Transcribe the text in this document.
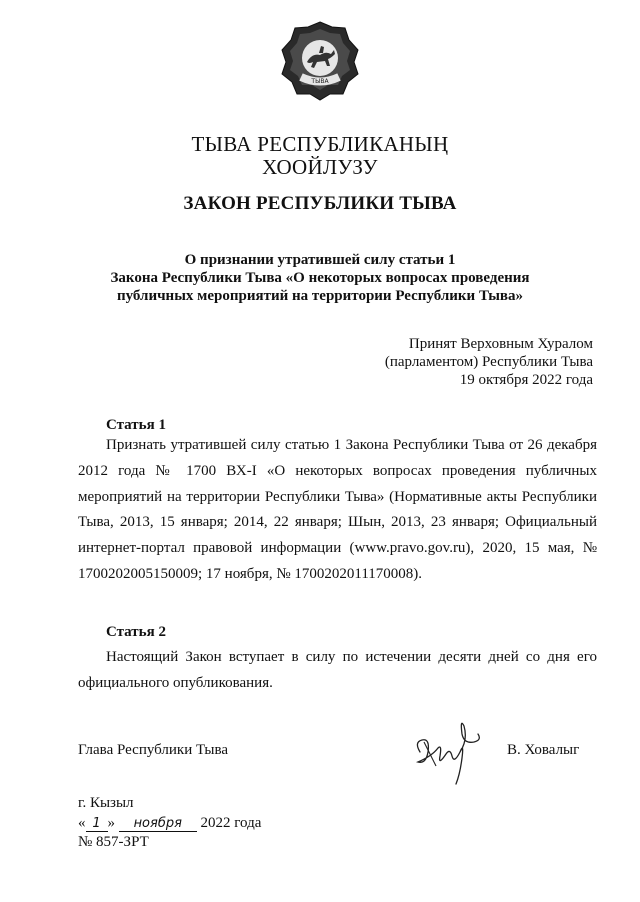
ТЫВА
ТЫВА РЕСПУБЛИКАНЫҢ
ХООЙЛУЗУ
ЗАКОН РЕСПУБЛИКИ ТЫВА
О признании утратившей силу статьи 1
Закона Республики Тыва «О некоторых вопросах проведения
публичных мероприятий на территории Республики Тыва»
Принят Верховным Хуралом
(парламентом) Республики Тыва
19 октября 2022 года
Статья 1
Признать утратившей силу статью 1 Закона Республики Тыва от 26 декабря 2012 года № 1700 ВХ-I «О некоторых вопросах проведения публичных мероприятий на территории Республики Тыва» (Нормативные акты Республики Тыва, 2013, 15 января; 2014, 22 января; Шын, 2013, 23 января; Официальный интернет-портал правовой информации (www.pravo.gov.ru), 2020, 15 мая, № 1700202005150009; 17 ноября, № 1700202011170008).
Статья 2
Настоящий Закон вступает в силу по истечении десяти дней со дня его официального опубликования.
Глава Республики Тыва	В. Ховалыг
г. Кызыл
« 1 » ноября 2022 года
№ 857-ЗРТ
